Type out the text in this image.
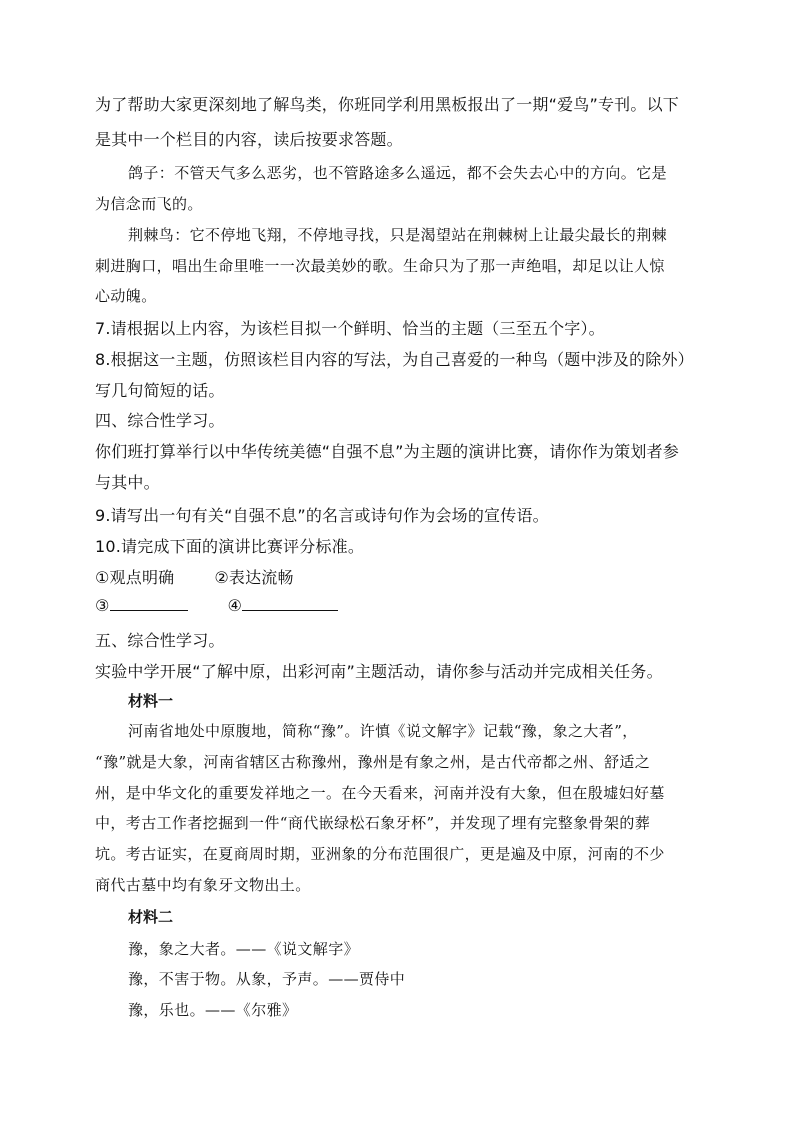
为了帮助大家更深刻地了解鸟类，你班同学利用黑板报出了一期“爱鸟”专刊。以下
是其中一个栏目的内容，读后按要求答题。
鸽子：不管天气多么恶劣，也不管路途多么遥远，都不会失去心中的方向。它是
为信念而飞的。
荆棘鸟：它不停地飞翔，不停地寻找，只是渴望站在荆棘树上让最尖最长的荆棘
刺进胸口，唱出生命里唯一一次最美妙的歌。生命只为了那一声绝唱，却足以让人惊
心动魄。
7.请根据以上内容，为该栏目拟一个鲜明、恰当的主题（三至五个字）。
8.根据这一主题，仿照该栏目内容的写法，为自己喜爱的一种鸟（题中涉及的除外）
写几句简短的话。
四、综合性学习。
你们班打算举行以中华传统美德“自强不息”为主题的演讲比赛，请你作为策划者参
与其中。
9.请写出一句有关“自强不息”的名言或诗句作为会场的宣传语。
10.请完成下面的演讲比赛评分标准。
①观点明确	②表达流畅
③	④
五、综合性学习。
实验中学开展“了解中原，出彩河南”主题活动，请你参与活动并完成相关任务。
材料一
河南省地处中原腹地，简称“豫”。许慎《说文解字》记载“豫，象之大者”，
“豫”就是大象，河南省辖区古称豫州，豫州是有象之州，是古代帝都之州、舒适之
州，是中华文化的重要发祥地之一。在今天看来，河南并没有大象，但在殷墟妇好墓
中，考古工作者挖掘到一件“商代嵌绿松石象牙杯”，并发现了埋有完整象骨架的葬
坑。考古证实，在夏商周时期，亚洲象的分布范围很广，更是遍及中原，河南的不少
商代古墓中均有象牙文物出土。
材料二
豫，象之大者。——《说文解字》
豫，不害于物。从象，予声。——贾侍中
豫，乐也。——《尔雅》
